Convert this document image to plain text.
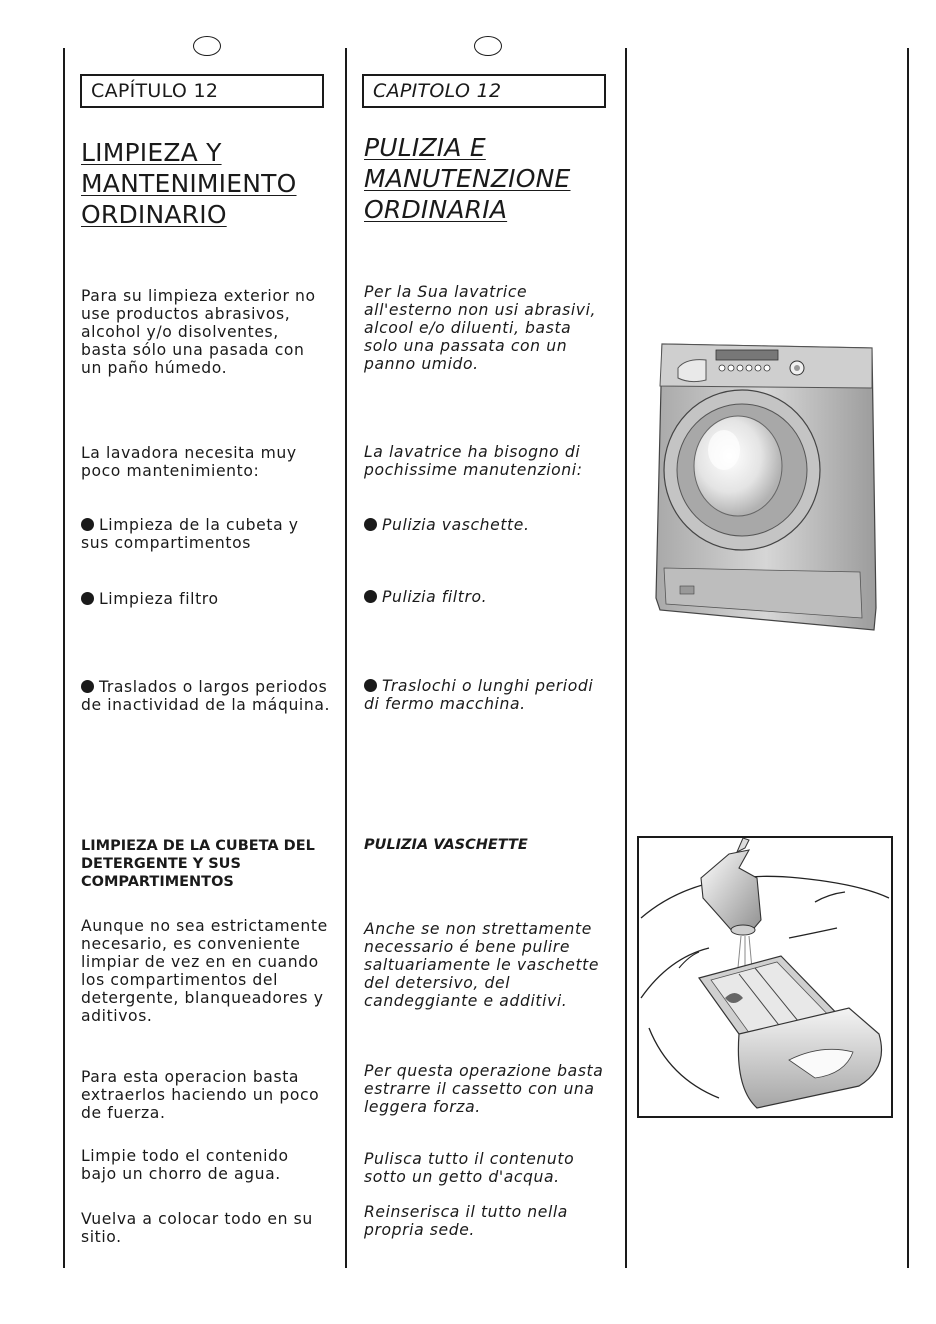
CAPÍTULO 12
LIMPIEZA Y
MANTENIMIENTO
ORDINARIO

Para su limpieza exterior no use productos abrasivos, alcohol y/o disolventes, basta sólo una pasada con un paño húmedo.

La lavadora necesita muy poco mantenimiento:

Limpieza de la cubeta y sus compartimentos
Limpieza filtro
Traslados o largos periodos de inactividad de la máquina.
LIMPIEZA DE LA CUBETA DEL DETERGENTE Y SUS COMPARTIMENTOS

Aunque no sea estrictamente necesario, es conveniente limpiar de vez en en cuando los compartimentos del detergente, blanqueadores y aditivos.

Para esta operacion basta extraerlos haciendo un poco de fuerza.

Limpie todo el contenido bajo un chorro de agua.

Vuelva a colocar todo en su sitio.

CAPITOLO 12
PULIZIA E
MANUTENZIONE
ORDINARIA

Per la Sua lavatrice all'esterno non usi abrasivi, alcool e/o diluenti, basta solo una passata con un panno umido.

La lavatrice ha bisogno di pochissime manutenzioni:

Pulizia vaschette.
Pulizia filtro.
Traslochi o lunghi periodi di fermo macchina.
PULIZIA VASCHETTE

Anche se non strettamente necessario é bene pulire saltuariamente le vaschette del detersivo, del candeggiante e additivi.

Per questa operazione basta estrarre il cassetto con una leggera forza.

Pulisca tutto il contenuto sotto un getto d'acqua.

Reinserisca il tutto nella propria sede.
